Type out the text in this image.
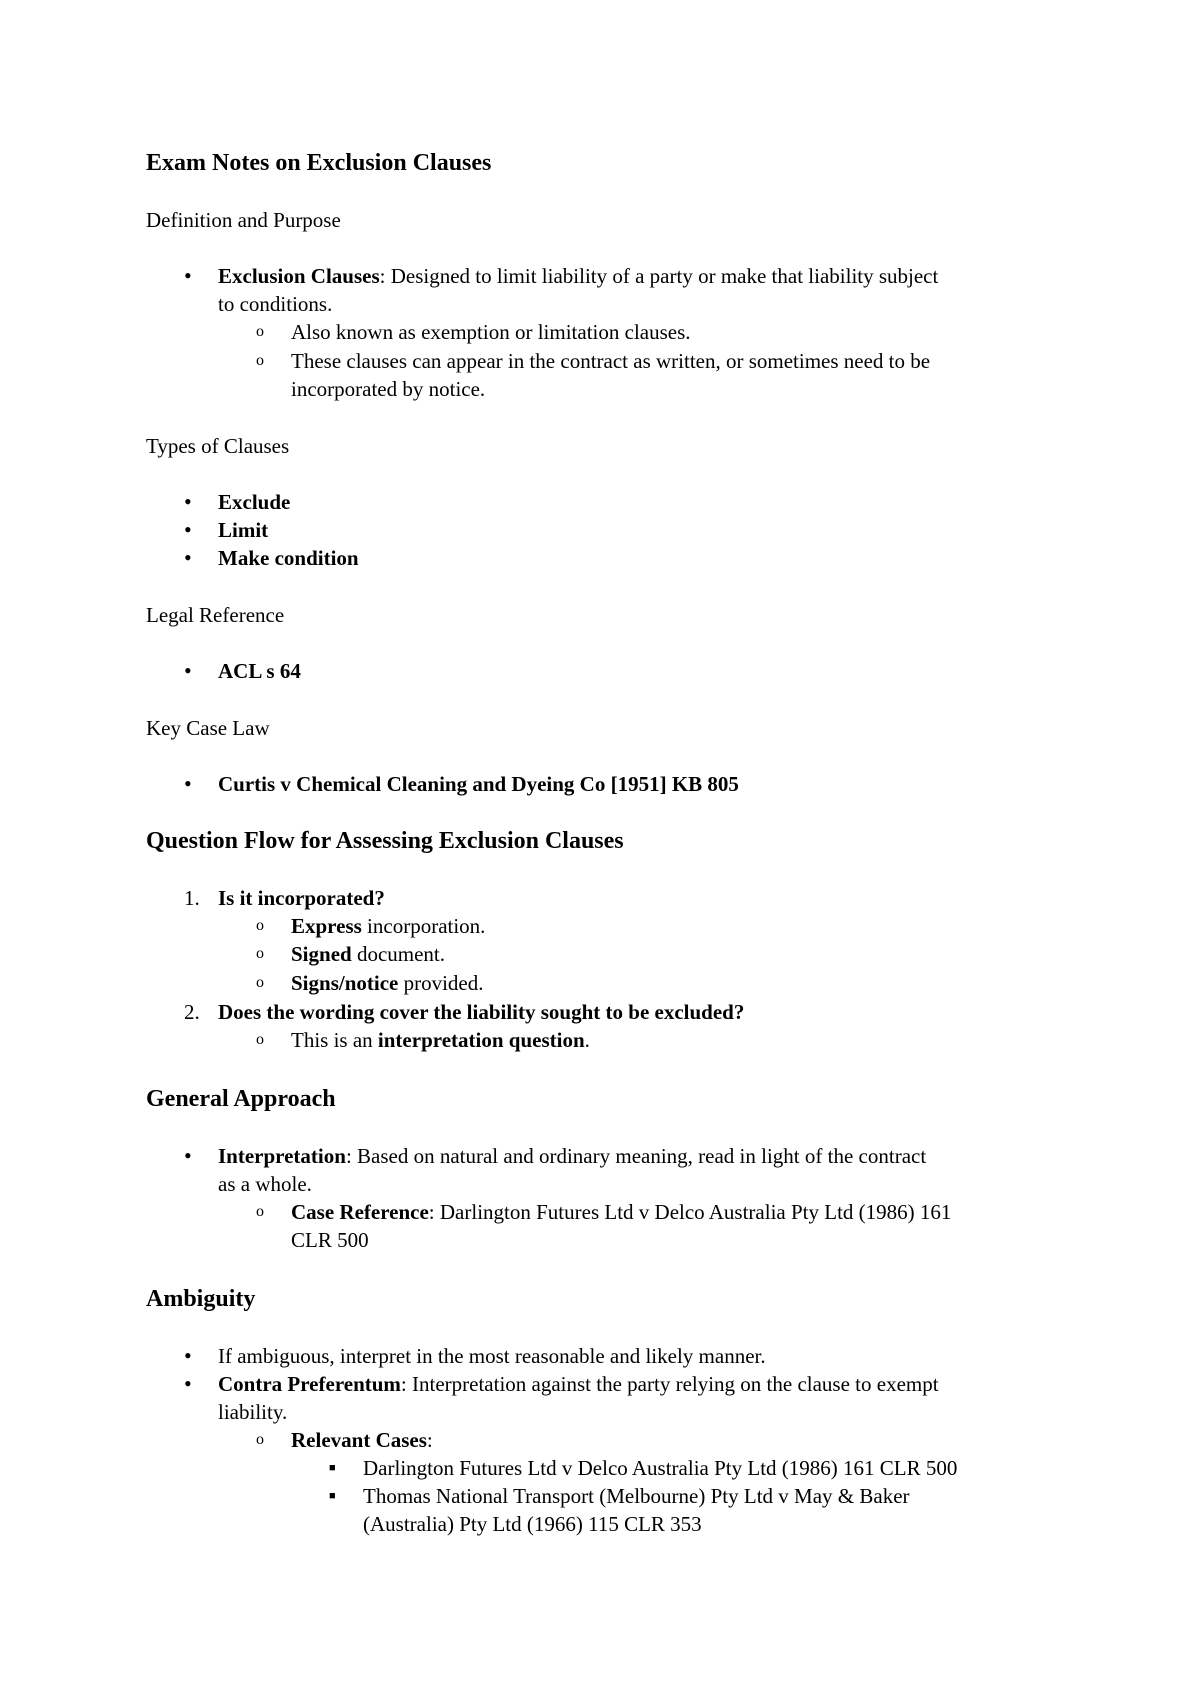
Exam Notes on Exclusion Clauses
Definition and Purpose
• Exclusion Clauses: Designed to limit liability of a party or make that liability subject
to conditions.
o Also known as exemption or limitation clauses.
o These clauses can appear in the contract as written, or sometimes need to be
incorporated by notice.
Types of Clauses
• Exclude
• Limit
• Make condition
Legal Reference
• ACL s 64
Key Case Law
• Curtis v Chemical Cleaning and Dyeing Co [1951] KB 805
Question Flow for Assessing Exclusion Clauses
1. Is it incorporated?
o Express incorporation.
o Signed document.
o Signs/notice provided.
2. Does the wording cover the liability sought to be excluded?
o This is an interpretation question.
General Approach
• Interpretation: Based on natural and ordinary meaning, read in light of the contract
as a whole.
o Case Reference: Darlington Futures Ltd v Delco Australia Pty Ltd (1986) 161
CLR 500
Ambiguity
• If ambiguous, interpret in the most reasonable and likely manner.
• Contra Preferentum: Interpretation against the party relying on the clause to exempt
liability.
o Relevant Cases:
■ Darlington Futures Ltd v Delco Australia Pty Ltd (1986) 161 CLR 500
■ Thomas National Transport (Melbourne) Pty Ltd v May & Baker
(Australia) Pty Ltd (1966) 115 CLR 353
